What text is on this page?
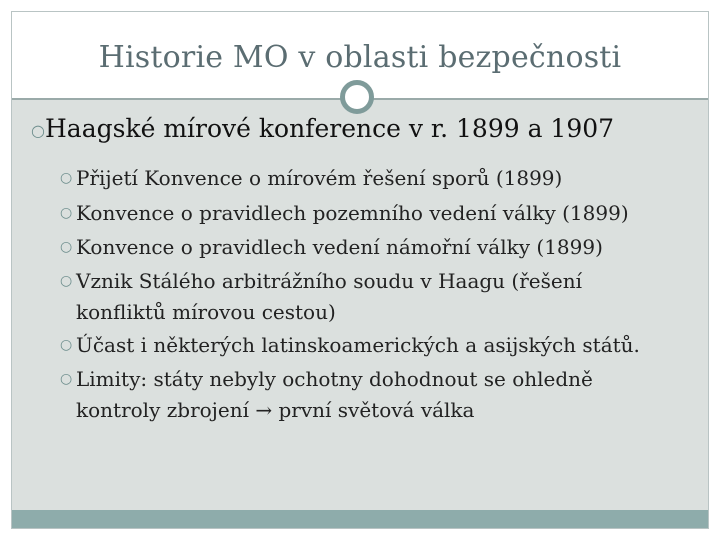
Historie MO v oblasti bezpečnosti
○ Haagské mírové konference v r. 1899 a 1907
○ Přijetí Konvence o mírovém řešení sporů (1899)
○ Konvence o pravidlech pozemního vedení války (1899)
○ Konvence o pravidlech vedení námořní války (1899)
○ Vznik Stálého arbitrážního soudu v Haagu (řešení
konfliktů mírovou cestou)
○ Účast i některých latinskoamerických a asijských států.
○ Limity: státy nebyly ochotny dohodnout se ohledně
kontroly zbrojení → první světová válka
